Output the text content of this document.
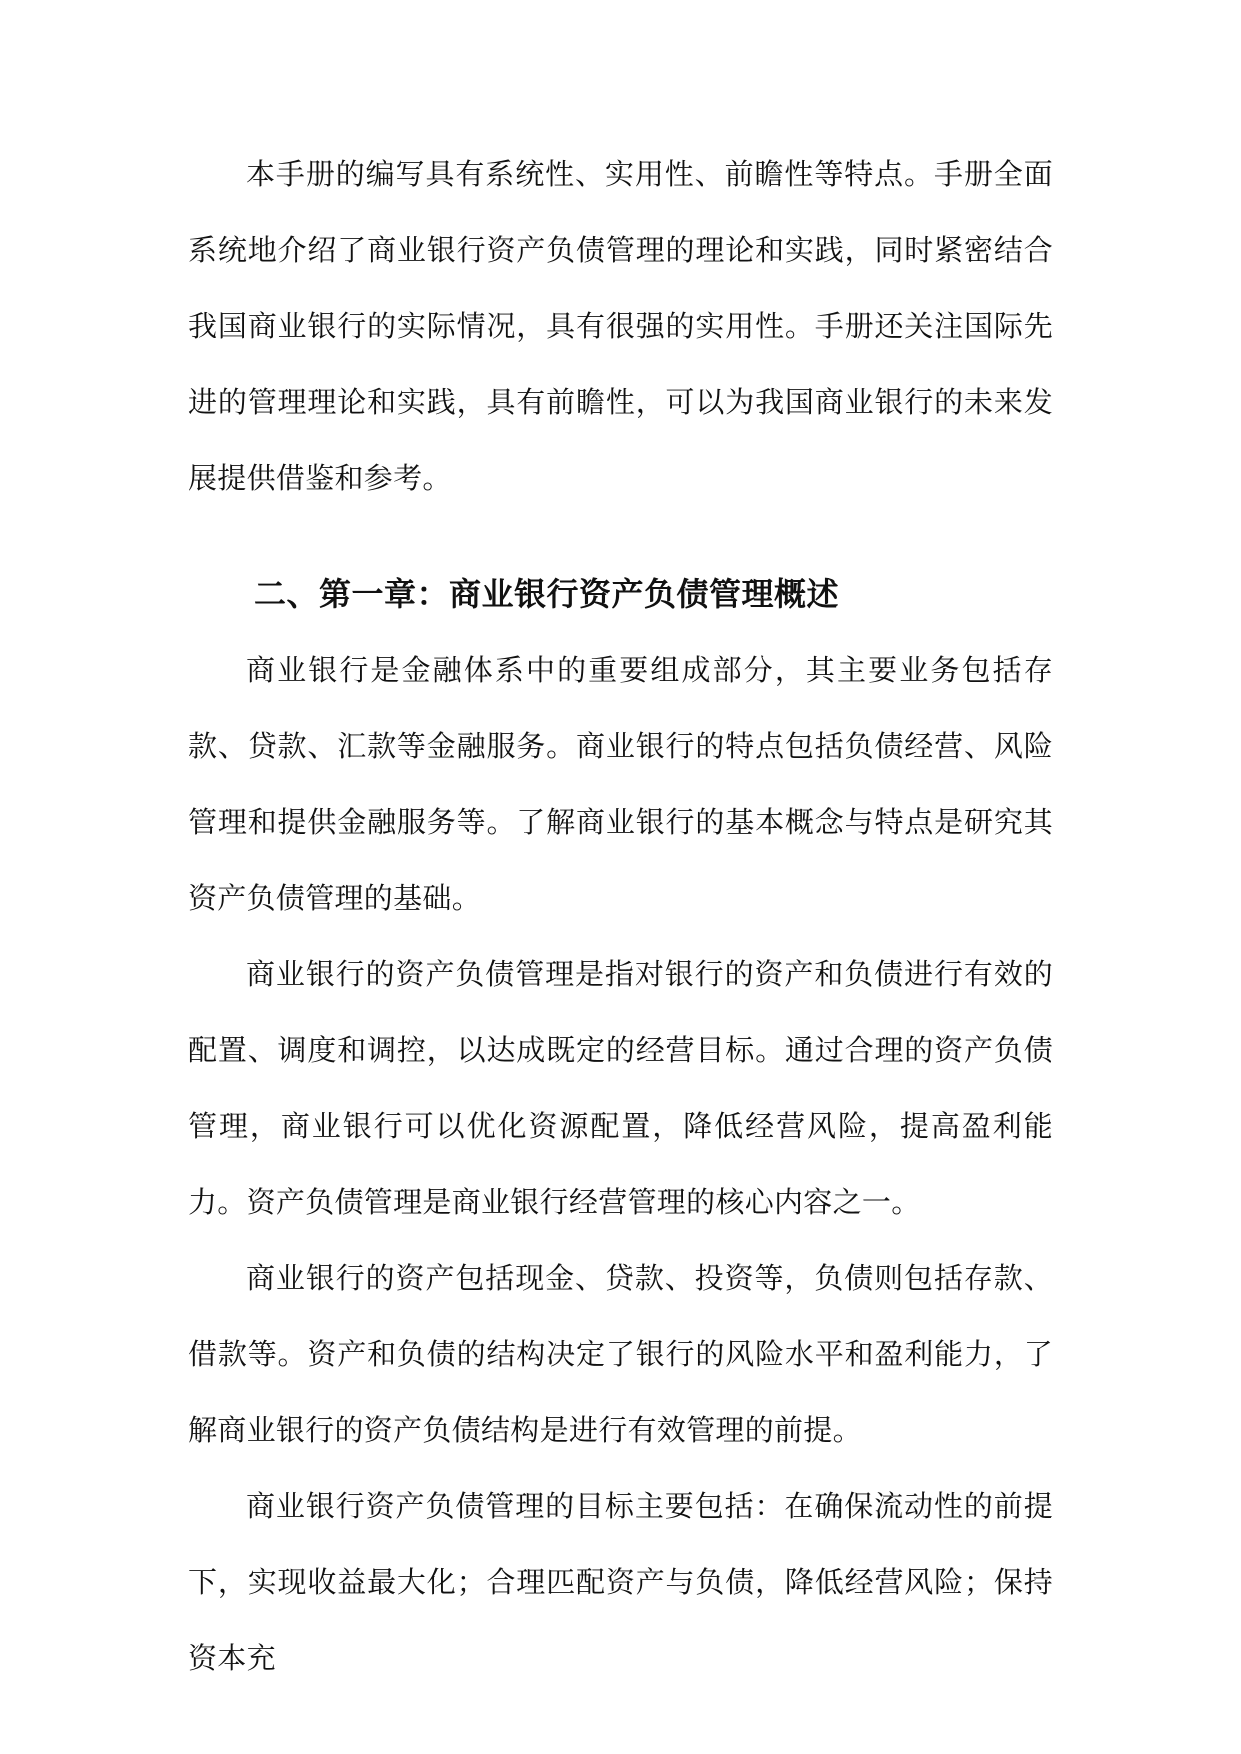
本手册的编写具有系统性、实用性、前瞻性等特点。手册全面系统地介绍了商业银行资产负债管理的理论和实践，同时紧密结合我国商业银行的实际情况，具有很强的实用性。手册还关注国际先进的管理理论和实践，具有前瞻性，可以为我国商业银行的未来发展提供借鉴和参考。

二、第一章：商业银行资产负债管理概述

商业银行是金融体系中的重要组成部分，其主要业务包括存款、贷款、汇款等金融服务。商业银行的特点包括负债经营、风险管理和提供金融服务等。了解商业银行的基本概念与特点是研究其资产负债管理的基础。

商业银行的资产负债管理是指对银行的资产和负债进行有效的配置、调度和调控，以达成既定的经营目标。通过合理的资产负债管理，商业银行可以优化资源配置，降低经营风险，提高盈利能力。资产负债管理是商业银行经营管理的核心内容之一。

商业银行的资产包括现金、贷款、投资等，负债则包括存款、借款等。资产和负债的结构决定了银行的风险水平和盈利能力，了解商业银行的资产负债结构是进行有效管理的前提。

商业银行资产负债管理的目标主要包括：在确保流动性的前提下，实现收益最大化；合理匹配资产与负债，降低经营风险；保持资本充
